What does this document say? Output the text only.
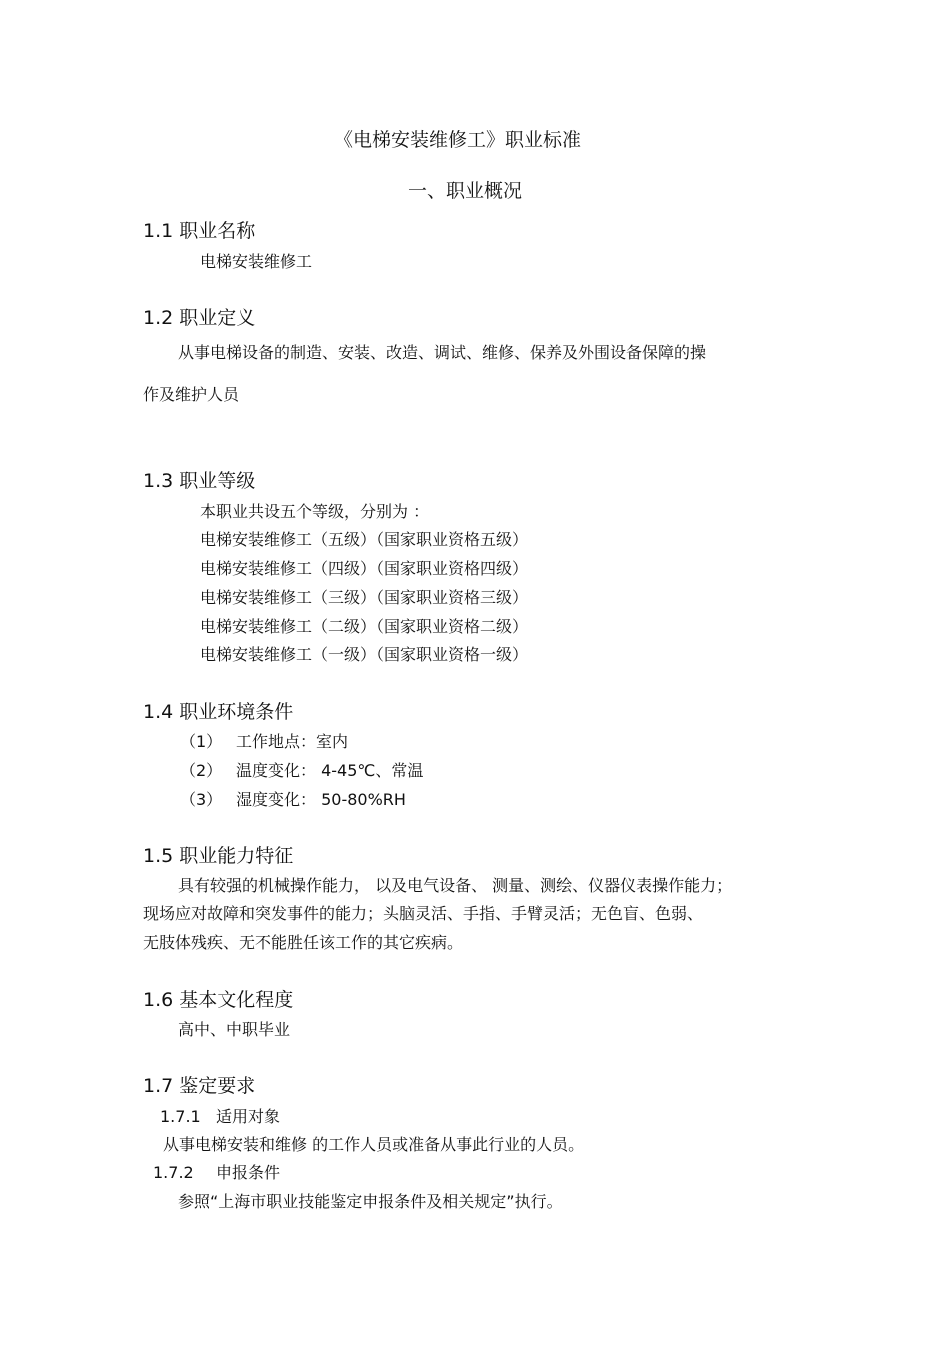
《电梯安装维修工》职业标准
一、职业概况
1.1 职业名称
电梯安装维修工
1.2 职业定义
从事电梯设备的制造、安装、改造、调试、维修、保养及外围设备保障的操
作及维护人员
1.3 职业等级
本职业共设五个等级，分别为 ：
电梯安装维修工（五级）（国家职业资格五级）
电梯安装维修工（四级）（国家职业资格四级）
电梯安装维修工（三级）（国家职业资格三级）
电梯安装维修工（二级）（国家职业资格二级）
电梯安装维修工（一级）（国家职业资格一级）
1.4 职业环境条件
（1） 工作地点：室内
（2） 温度变化： 4-45℃、常温
（3） 湿度变化： 50-80%RH
1.5 职业能力特征
具有较强的机械操作能力， 以及电气设备、 测量、测绘、仪器仪表操作能力；
现场应对故障和突发事件的能力；头脑灵活、手指、手臂灵活；无色盲、色弱、
无肢体残疾、无不能胜任该工作的其它疾病。
1.6 基本文化程度
高中、中职毕业
1.7 鉴定要求
1.7.1 适用对象
从事电梯安装和维修 的工作人员或准备从事此行业的人员。
1.7.2 申报条件
参照“上海市职业技能鉴定申报条件及相关规定”执行。
